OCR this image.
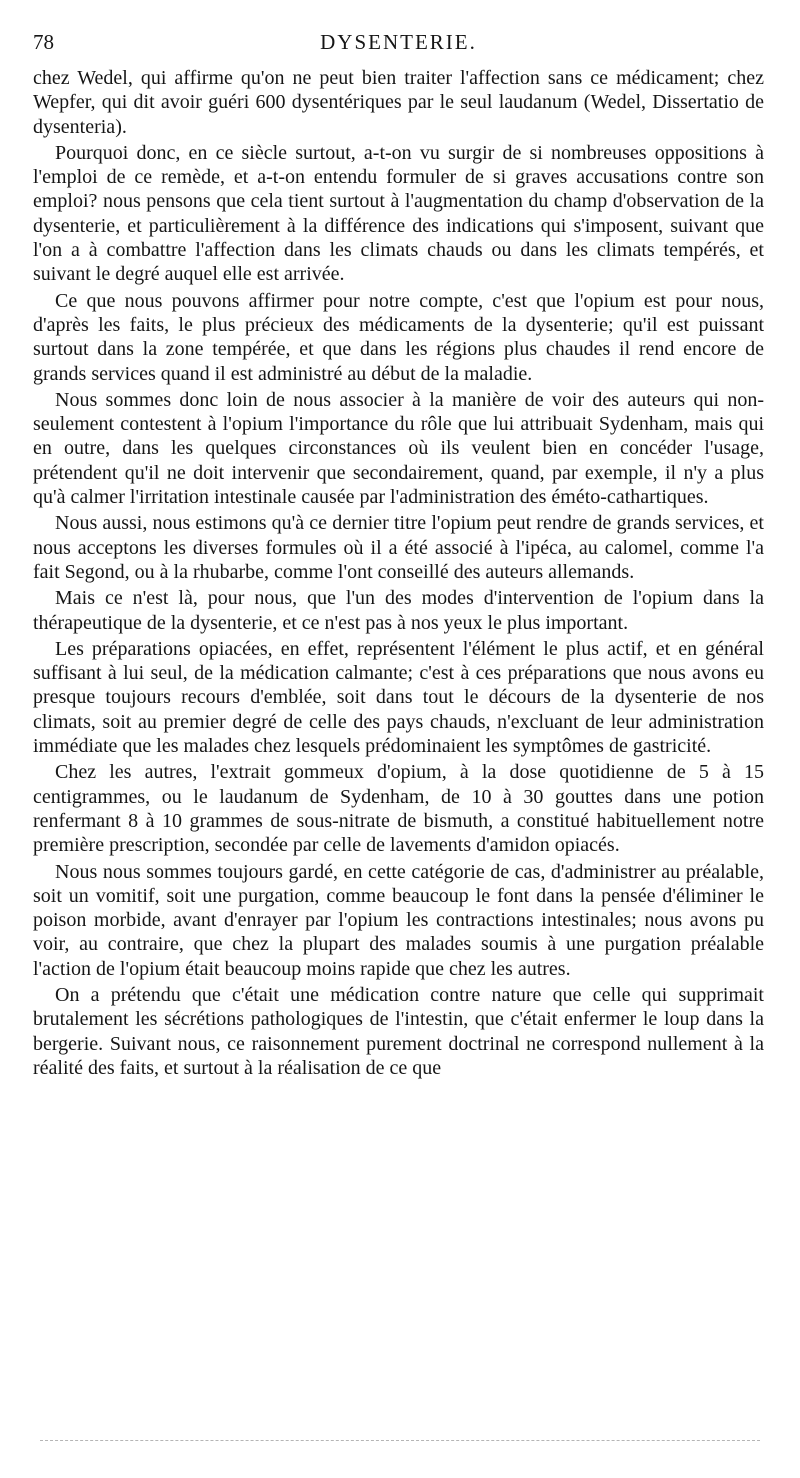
78	DYSENTERIE.

chez Wedel, qui affirme qu'on ne peut bien traiter l'affection sans ce médicament; chez Wepfer, qui dit avoir guéri 600 dysentériques par le seul laudanum (Wedel, Dissertatio de dysenteria).

Pourquoi donc, en ce siècle surtout, a-t-on vu surgir de si nombreuses oppositions à l'emploi de ce remède, et a-t-on entendu formuler de si graves accusations contre son emploi? nous pensons que cela tient surtout à l'augmentation du champ d'observation de la dysenterie, et particulièrement à la différence des indications qui s'imposent, suivant que l'on a à combattre l'affection dans les climats chauds ou dans les climats tempérés, et suivant le degré auquel elle est arrivée.

Ce que nous pouvons affirmer pour notre compte, c'est que l'opium est pour nous, d'après les faits, le plus précieux des médicaments de la dysenterie; qu'il est puissant surtout dans la zone tempérée, et que dans les régions plus chaudes il rend encore de grands services quand il est administré au début de la maladie.

Nous sommes donc loin de nous associer à la manière de voir des auteurs qui non-seulement contestent à l'opium l'importance du rôle que lui attribuait Sydenham, mais qui en outre, dans les quelques circonstances où ils veulent bien en concéder l'usage, prétendent qu'il ne doit intervenir que secondairement, quand, par exemple, il n'y a plus qu'à calmer l'irritation intestinale causée par l'administration des éméto-cathartiques.

Nous aussi, nous estimons qu'à ce dernier titre l'opium peut rendre de grands services, et nous acceptons les diverses formules où il a été associé à l'ipéca, au calomel, comme l'a fait Segond, ou à la rhubarbe, comme l'ont conseillé des auteurs allemands.

Mais ce n'est là, pour nous, que l'un des modes d'intervention de l'opium dans la thérapeutique de la dysenterie, et ce n'est pas à nos yeux le plus important.

Les préparations opiacées, en effet, représentent l'élément le plus actif, et en général suffisant à lui seul, de la médication calmante; c'est à ces préparations que nous avons eu presque toujours recours d'emblée, soit dans tout le décours de la dysenterie de nos climats, soit au premier degré de celle des pays chauds, n'excluant de leur administration immédiate que les malades chez lesquels prédominaient les symptômes de gastricité.

Chez les autres, l'extrait gommeux d'opium, à la dose quotidienne de 5 à 15 centigrammes, ou le laudanum de Sydenham, de 10 à 30 gouttes dans une potion renfermant 8 à 10 grammes de sous-nitrate de bismuth, a constitué habituellement notre première prescription, secondée par celle de lavements d'amidon opiacés.

Nous nous sommes toujours gardé, en cette catégorie de cas, d'administrer au préalable, soit un vomitif, soit une purgation, comme beaucoup le font dans la pensée d'éliminer le poison morbide, avant d'enrayer par l'opium les contractions intestinales; nous avons pu voir, au contraire, que chez la plupart des malades soumis à une purgation préalable l'action de l'opium était beaucoup moins rapide que chez les autres.

On a prétendu que c'était une médication contre nature que celle qui supprimait brutalement les sécrétions pathologiques de l'intestin, que c'était enfermer le loup dans la bergerie. Suivant nous, ce raisonnement purement doctrinal ne correspond nullement à la réalité des faits, et surtout à la réalisation de ce que
